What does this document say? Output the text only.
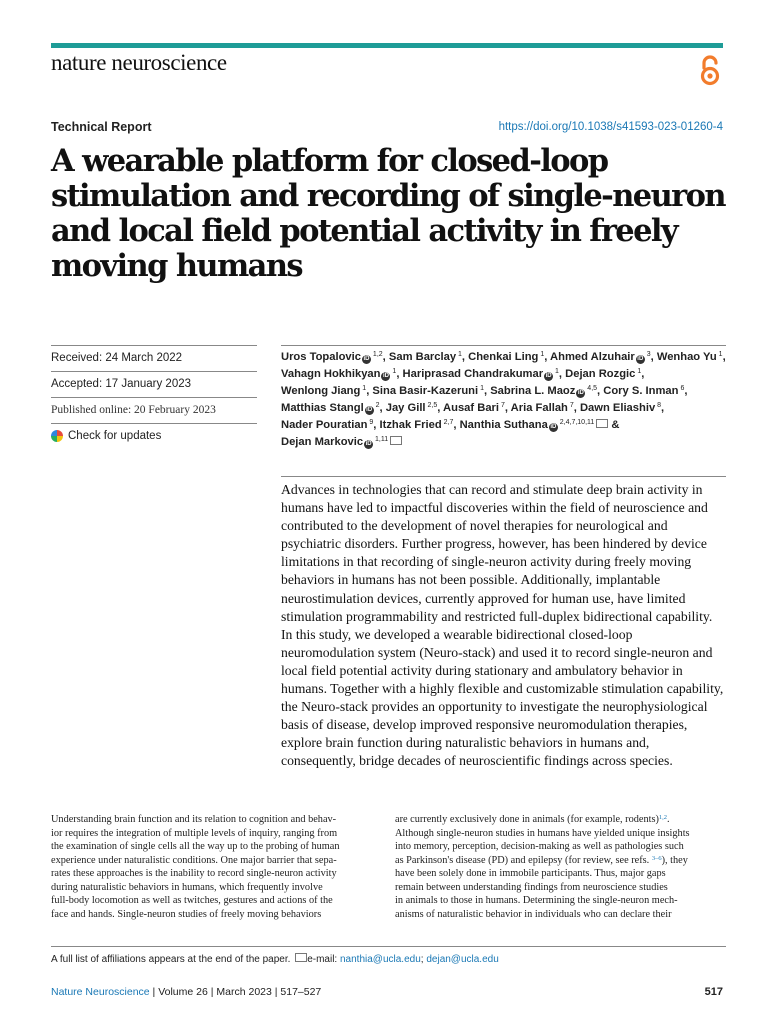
nature neuroscience
Technical Report	https://doi.org/10.1038/s41593-023-01260-4
A wearable platform for closed-loop stimulation and recording of single-neuron and local field potential activity in freely moving humans
Received: 24 March 2022
Accepted: 17 January 2023
Published online: 20 February 2023
Check for updates
Uros Topalovic iD $^{1,2}$, Sam Barclay $^1$, Chenkai Ling $^1$, Ahmed Alzuhair iD $^3$, Wenhao Yu $^1$, Vahagn Hokhikyan iD $^1$, Hariprasad Chandrakumar iD $^1$, Dejan Rozgic $^1$, Wenlong Jiang $^1$, Sina Basir-Kazeruni $^1$, Sabrina L. Maoz iD $^{4,5}$, Cory S. Inman $^6$, Matthias Stangl iD $^2$, Jay Gill $^{2,5}$, Ausaf Bari $^7$, Aria Fallah $^7$, Dawn Eliashiv $^8$, Nader Pouratian $^9$, Itzhak Fried $^{2,7}$, Nanthia Suthana iD $^{2,4,7,10,11}$ & Dejan Markovic iD $^{1,11}$
Advances in technologies that can record and stimulate deep brain activity in humans have led to impactful discoveries within the field of neuroscience and contributed to the development of novel therapies for neurological and psychiatric disorders. Further progress, however, has been hindered by device limitations in that recording of single-neuron activity during freely moving behaviors in humans has not been possible. Additionally, implantable neurostimulation devices, currently approved for human use, have limited stimulation programmability and restricted full-duplex bidirectional capability. In this study, we developed a wearable bidirectional closed-loop neuromodulation system (Neuro-stack) and used it to record single-neuron and local field potential activity during stationary and ambulatory behavior in humans. Together with a highly flexible and customizable stimulation capability, the Neuro-stack provides an opportunity to investigate the neurophysiological basis of disease, develop improved responsive neuromodulation therapies, explore brain function during naturalistic behaviors in humans and, consequently, bridge decades of neuroscientific findings across species.
Understanding brain function and its relation to cognition and behav-
ior requires the integration of multiple levels of inquiry, ranging from
the examination of single cells all the way up to the probing of human
experience under naturalistic conditions. One major barrier that sepa-
rates these approaches is the inability to record single-neuron activity
during naturalistic behaviors in humans, which frequently involve
full-body locomotion as well as twitches, gestures and actions of the
face and hands. Single-neuron studies of freely moving behaviors
are currently exclusively done in animals (for example, rodents)$^{1,2}$.
Although single-neuron studies in humans have yielded unique insights
into memory, perception, decision-making as well as pathologies such
as Parkinson's disease (PD) and epilepsy (for review, see refs. $^{3-6}$), they
have been solely done in immobile participants. Thus, major gaps
remain between understanding findings from neuroscience studies
in animals to those in humans. Determining the single-neuron mech-
anisms of naturalistic behavior in individuals who can declare their
A full list of affiliations appears at the end of the paper. e-mail: nanthia@ucla.edu; dejan@ucla.edu
Nature Neuroscience | Volume 26 | March 2023 | 517–527	517
